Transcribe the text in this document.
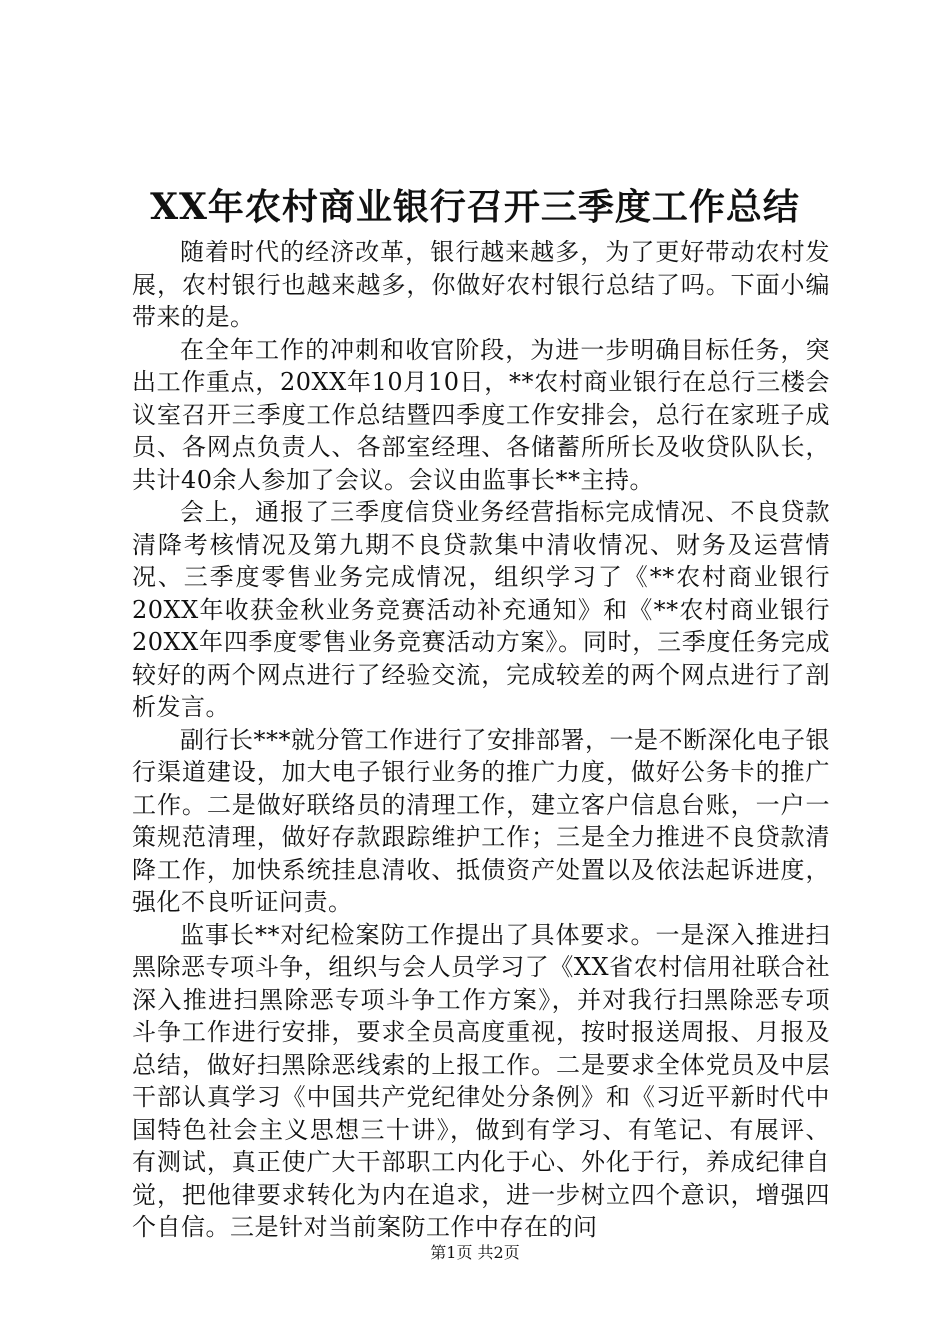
XX年农村商业银行召开三季度工作总结

随着时代的经济改革，银行越来越多，为了更好带动农村发展，农村银行也越来越多，你做好农村银行总结了吗。下面小编带来的是。

在全年工作的冲刺和收官阶段，为进一步明确目标任务，突出工作重点，20XX年10月10日，**农村商业银行在总行三楼会议室召开三季度工作总结暨四季度工作安排会，总行在家班子成员、各网点负责人、各部室经理、各储蓄所所长及收贷队队长，共计40余人参加了会议。会议由监事长**主持。

会上，通报了三季度信贷业务经营指标完成情况、不良贷款清降考核情况及第九期不良贷款集中清收情况、财务及运营情况、三季度零售业务完成情况，组织学习了《**农村商业银行20XX年收获金秋业务竞赛活动补充通知》和《**农村商业银行20XX年四季度零售业务竞赛活动方案》。同时，三季度任务完成较好的两个网点进行了经验交流，完成较差的两个网点进行了剖析发言。

副行长***就分管工作进行了安排部署，一是不断深化电子银行渠道建设，加大电子银行业务的推广力度，做好公务卡的推广工作。二是做好联络员的清理工作，建立客户信息台账，一户一策规范清理，做好存款跟踪维护工作；三是全力推进不良贷款清降工作，加快系统挂息清收、抵债资产处置以及依法起诉进度，强化不良听证问责。

监事长**对纪检案防工作提出了具体要求。一是深入推进扫黑除恶专项斗争，组织与会人员学习了《XX省农村信用社联合社深入推进扫黑除恶专项斗争工作方案》，并对我行扫黑除恶专项斗争工作进行安排，要求全员高度重视，按时报送周报、月报及总结，做好扫黑除恶线索的上报工作。二是要求全体党员及中层干部认真学习《中国共产党纪律处分条例》和《习近平新时代中国特色社会主义思想三十讲》，做到有学习、有笔记、有展评、有测试，真正使广大干部职工内化于心、外化于行，养成纪律自觉，把他律要求转化为内在追求，进一步树立四个意识，增强四个自信。三是针对当前案防工作中存在的问

第1页 共2页
